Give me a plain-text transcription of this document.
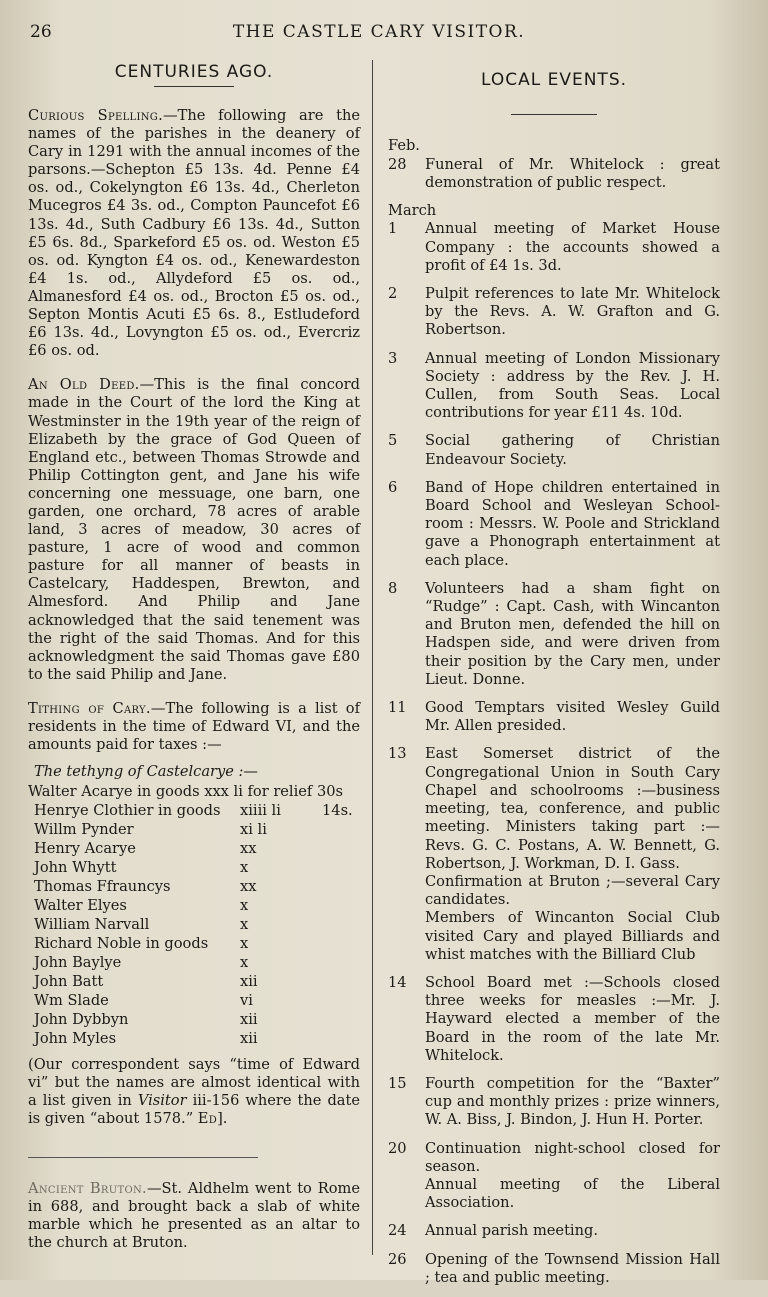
26	THE CASTLE CARY VISITOR.
CENTURIES AGO.

Curious Spelling.—The following are the names of the parishes in the deanery of Cary in 1291 with the annual incomes of the parsons.—Schepton £5 13s. 4d. Penne £4 os. od., Cokelyngton £6 13s. 4d., Cherleton Mucegros £4 3s. od., Compton Pauncefot £6 13s. 4d., Suth Cadbury £6 13s. 4d., Sutton £5 6s. 8d., Sparkeford £5 os. od. Weston £5 os. od. Kyngton £4 os. od., Kenewardeston £4 1s. od., Allydeford £5 os. od., Almanesford £4 os. od., Brocton £5 os. od., Septon Montis Acuti £5 6s. 8., Estludeford £6 13s. 4d., Lovyngton £5 os. od., Evercriz £6 os. od.

An Old Deed.—This is the final concord made in the Court of the lord the King at Westminster in the 19th year of the reign of Elizabeth by the grace of God Queen of England etc., between Thomas Strowde and Philip Cottington gent, and Jane his wife concerning one messuage, one barn, one garden, one orchard, 78 acres of arable land, 3 acres of meadow, 30 acres of pasture, 1 acre of wood and common pasture for all manner of beasts in Castelcary, Haddespen, Brewton, and Almesford. And Philip and Jane acknowledged that the said tenement was the right of the said Thomas. And for this acknowledgment the said Thomas gave £80 to the said Philip and Jane.

Tithing of Cary.—The following is a list of residents in the time of Edward VI, and the amounts paid for taxes :—

The tethyng of Castelcarye :—
Walter Acarye in goods xxx li for relief 30s
Henrye Clothier in goods xiiii li	14s.
Willm Pynder	xi li
Henry Acarye	xx
John Whytt	x
Thomas Ffrauncys	xx
Walter Elyes	x
William Narvall	x
Richard Noble in goods x
John Baylye	x
John Batt	xii
Wm Slade	vi
John Dybbyn	xii
John Myles	xii

(Our correspondent says “time of Edward vi” but the names are almost identical with a list given in Visitor iii-156 where the date is given “about 1578.” Ed].

Ancient Bruton.—St. Aldhelm went to Rome in 688, and brought back a slab of white marble which he presented as an altar to the church at Bruton.

LOCAL EVENTS.
Feb.
28	Funeral of Mr. Whitelock : great demonstration of public respect.
March
1	Annual meeting of Market House Company : the accounts showed a profit of £4 1s. 3d.
2	Pulpit references to late Mr. Whitelock by the Revs. A. W. Grafton and G. Robertson.
3	Annual meeting of London Missionary Society : address by the Rev. J. H. Cullen, from South Seas. Local contributions for year £11 4s. 10d.
5	Social gathering of Christian Endeavour Society.
6	Band of Hope children entertained in Board School and Wesleyan School-room : Messrs. W. Poole and Strickland gave a Phonograph entertainment at each place.
8	Volunteers had a sham fight on “Rudge” : Capt. Cash, with Wincanton and Bruton men, defended the hill on Hadspen side, and were driven from their position by the Cary men, under Lieut. Donne.
11	Good Temptars visited Wesley Guild Mr. Allen presided.
13	East Somerset district of the Congregational Union in South Cary Chapel and schoolrooms :—business meeting, tea, conference, and public meeting. Ministers taking part :— Revs. G. C. Postans, A. W. Bennett, G. Robertson, J. Workman, D. I. Gass.
Confirmation at Bruton ;—several Cary candidates.
Members of Wincanton Social Club visited Cary and played Billiards and whist matches with the Billiard Club
14	School Board met :—Schools closed three weeks for measles :—Mr. J. Hayward elected a member of the Board in the room of the late Mr. Whitelock.
15	Fourth competition for the “Baxter” cup and monthly prizes : prize winners, W. A. Biss, J. Bindon, J. Hun H. Porter.
20	Continuation night-school closed for season.
Annual meeting of the Liberal Association.
24	Annual parish meeting.
26	Opening of the Townsend Mission Hall ; tea and public meeting.
